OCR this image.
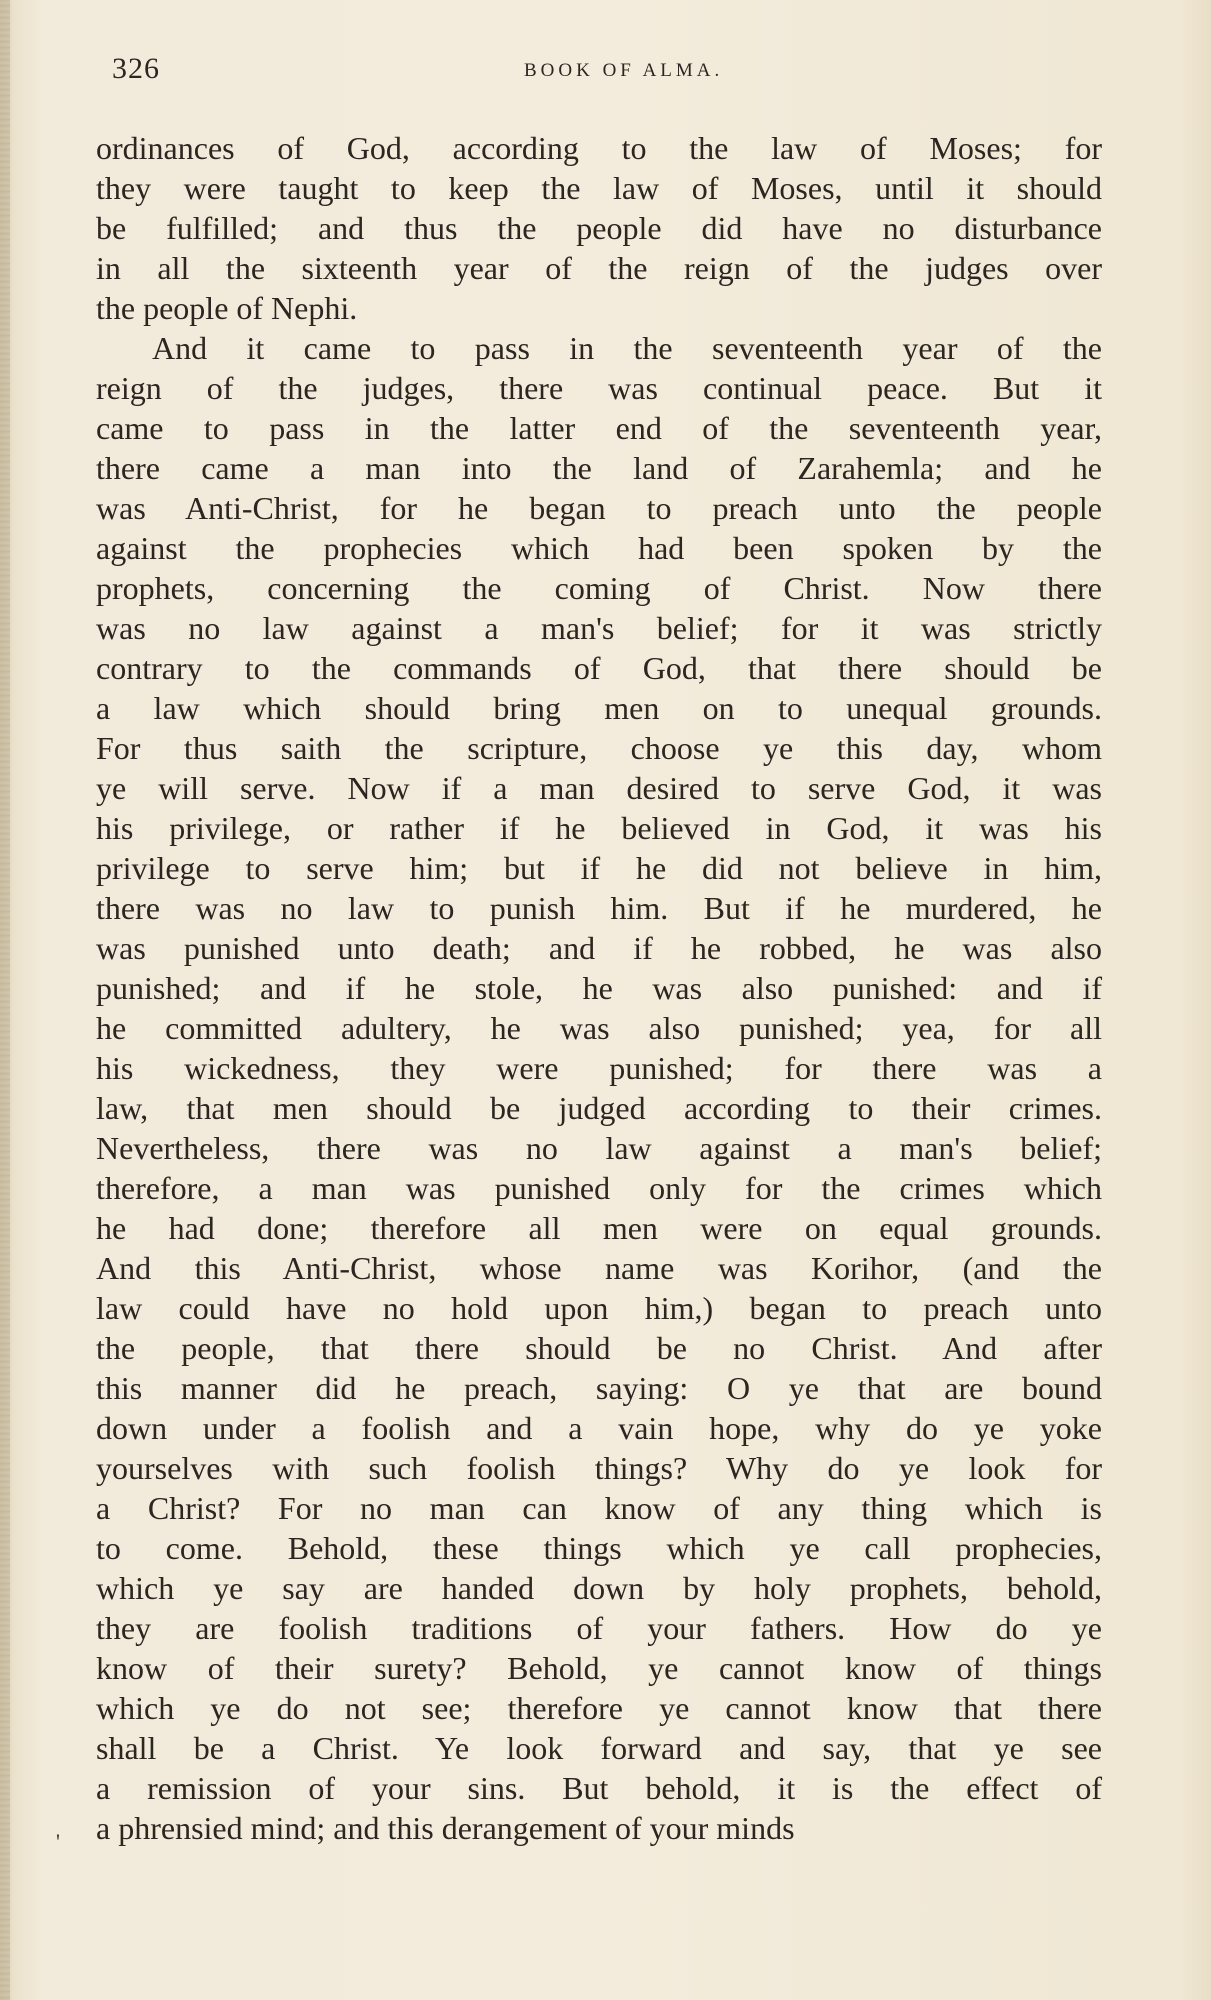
326	BOOK OF ALMA.
ordinances of God, according to the law of Moses; for
they were taught to keep the law of Moses, until it should
be fulfilled; and thus the people did have no disturbance
in all the sixteenth year of the reign of the judges over
the people of Nephi.
And it came to pass in the seventeenth year of the
reign of the judges, there was continual peace. But it
came to pass in the latter end of the seventeenth year,
there came a man into the land of Zarahemla; and he
was Anti-Christ, for he began to preach unto the people
against the prophecies which had been spoken by the
prophets, concerning the coming of Christ. Now there
was no law against a man's belief; for it was strictly
contrary to the commands of God, that there should be
a law which should bring men on to unequal grounds.
For thus saith the scripture, choose ye this day, whom
ye will serve. Now if a man desired to serve God, it was
his privilege, or rather if he believed in God, it was his
privilege to serve him; but if he did not believe in him,
there was no law to punish him. But if he murdered, he
was punished unto death; and if he robbed, he was also
punished; and if he stole, he was also punished: and if
he committed adultery, he was also punished; yea, for all
his wickedness, they were punished; for there was a
law, that men should be judged according to their crimes.
Nevertheless, there was no law against a man's belief;
therefore, a man was punished only for the crimes which
he had done; therefore all men were on equal grounds.
And this Anti-Christ, whose name was Korihor, (and the
law could have no hold upon him,) began to preach unto
the people, that there should be no Christ. And after
this manner did he preach, saying: O ye that are bound
down under a foolish and a vain hope, why do ye yoke
yourselves with such foolish things? Why do ye look for
a Christ? For no man can know of any thing which is
to come. Behold, these things which ye call prophecies,
which ye say are handed down by holy prophets, behold,
they are foolish traditions of your fathers. How do ye
know of their surety? Behold, ye cannot know of things
which ye do not see; therefore ye cannot know that there
shall be a Christ. Ye look forward and say, that ye see
a remission of your sins. But behold, it is the effect of
a phrensied mind; and this derangement of your minds
'
